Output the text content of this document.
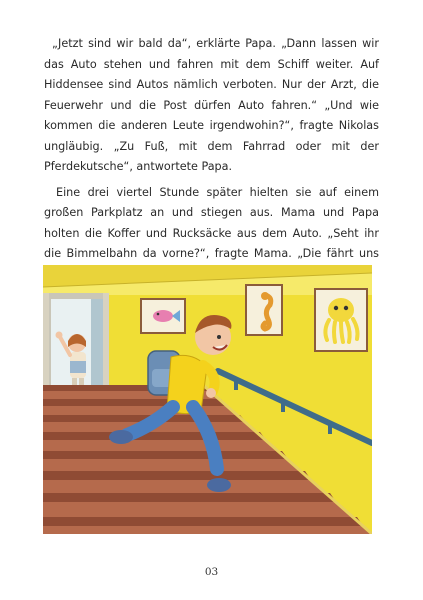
„Jetzt sind wir bald da“, erklärte Papa. „Dann lassen wir das Auto stehen und fahren mit dem Schiff weiter. Auf Hiddensee sind Autos nämlich verboten. Nur der Arzt, die Feuerwehr und die Post dürfen Auto fahren.“ „Und wie kommen die anderen Leute irgendwohin?“, fragte Nikolas ungläubig. „Zu Fuß, mit dem Fahrrad oder mit der Pferdekutsche“, antwortete Papa.

Eine drei viertel Stunde später hielten sie auf einem großen Parkplatz an und stiegen aus. Mama und Papa holten die Koffer und Rucksäcke aus dem Auto. „Seht ihr die Bimmelbahn da vorne?“, fragte Mama. „Die fährt uns

03
